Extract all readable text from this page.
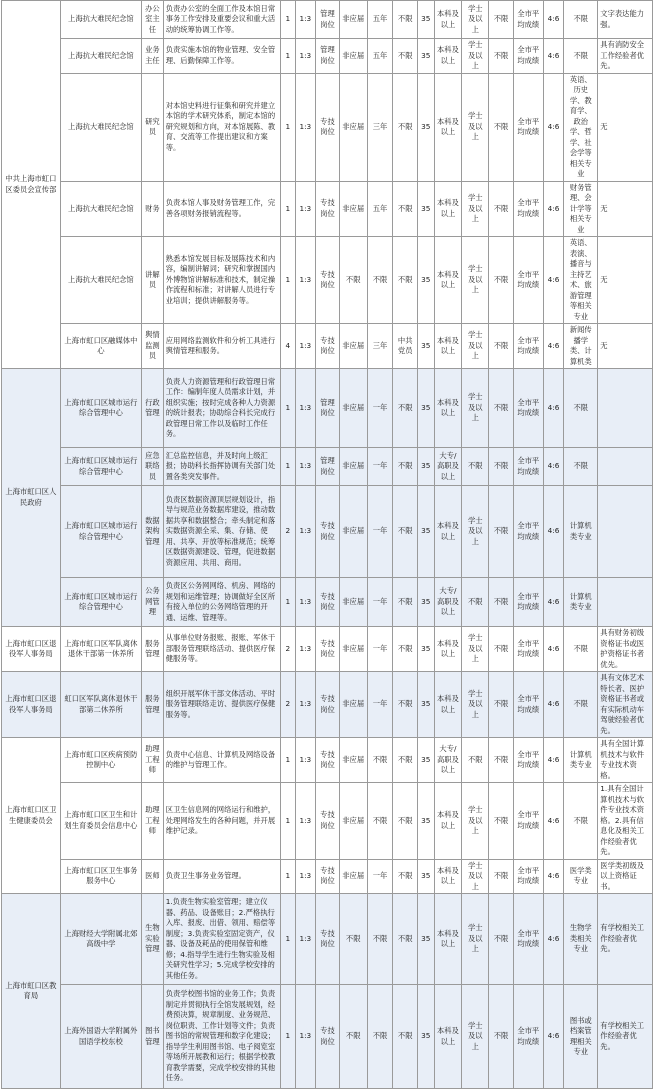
中共上海市虹口区委员会宣传部	上海抗大难民纪念馆	办公室主任	负责办公室的全面工作及本馆日常事务工作安排及重要会议和重大活动的统筹协调工作等。	1	1:3	管理岗位	非应届	五年	不限	35	本科及以上	学士及以上	不限	全市平均成绩	4:6	不限	文字表达能力强。
	上海抗大难民纪念馆	业务主任	负责实施本馆的物业管理、安全管理、后勤保障工作等。	1	1:3	管理岗位	非应届	五年	不限	35	本科及以上	学士及以上	不限	全市平均成绩	4:6	不限	具有消防安全工作经验者优先。
	上海抗大难民纪念馆	研究员	对本馆史料进行征集和研究并建立本馆的学术研究体系，制定本馆的研究规划和方向，对本馆展陈、教育、交流等工作提出建议和方案等。	1	1:3	专技岗位	非应届	三年	不限	35	本科及以上	学士及以上	不限	全市平均成绩	4:6	英语、历史学、教育学、政治学、哲学、社会学等相关专业	无
	上海抗大难民纪念馆	财务	负责本馆人事及财务管理工作，完善各项财务报销流程等。	1	1:3	专技岗位	非应届	五年	不限	35	本科及以上	学士及以上	不限	全市平均成绩	4:6	财务管理、会计学等相关专业	无
	上海抗大难民纪念馆	讲解员	熟悉本馆发展目标及展陈技术和内容，编制讲解词；研究和掌握国内外博物馆讲解标准和技术，制定操作流程和标准；对讲解人员进行专业培训；提供讲解服务等。	1	1:3	专技岗位	不限	不限	不限	35	本科及以上	学士及以上	不限	全市平均成绩	4:6	英语、表演、播音与主持艺术、旅游管理等相关专业	无
	上海市虹口区融媒体中心	舆情监测员	应用网络监测软件和分析工具进行舆情管理和服务。	4	1:3	专技岗位	非应届	三年	中共党员	35	本科及以上	学士及以上	不限	全市平均成绩	4:6	新闻传播学类、计算机类	无
上海市虹口区人民政府	上海市虹口区城市运行综合管理中心	行政管理	负责人力资源管理和行政管理日常工作：编制年度人员需求计划，并组织实施；按时完成各种人力资源的统计报表；协助综合科长完成行政管理日常工作以及临时工作任务。	1	1:3	管理岗位	非应届	一年	不限	35	本科及以上	学士及以上	不限	全市平均成绩	4:6	不限	
	上海市虹口区城市运行综合管理中心	应急联络员	汇总监控信息，并及时向上级汇报；协助科长指挥协调有关部门处置各类突发事件。	1	1:3	管理岗位	非应届	一年	不限	35	大专/高职及以上	不限	不限	全市平均成绩	4:6	不限	
	上海市虹口区城市运行综合管理中心	数据架构管理	负责区数据资源顶层规划设计，指导与规范业务数据库建设，推动数据共享和数据整合；牵头制定和落实数据资源全采、集、存储、使用、共享、开放等标准规范；统筹区数据资源建设、管理，促进数据资源应用、共用、商用。	2	1:3	专技岗位	非应届	一年	不限	35	本科及以上	学士及以上	不限	全市平均成绩	4:6	计算机类专业	
	上海市虹口区城市运行综合管理中心	公务网管理	负责区公务网网络、机房、网络的规划和运维管理；协调做好全区所有接入单位的公务网络管理的开通、运维、管理等。	1	1:3	专技岗位	非应届	一年	不限	35	大专/高职及以上	不限	不限	全市平均成绩	4:6	计算机类专业	
上海市虹口区退役军人事务局	上海市虹口区军队离休退休干部第一休养所	服务管理	从事单位财务报账、报账、军休干部服务管理联络活动、提供医疗保健服务等。	2	1:3	专技岗位	非应届	一年	不限	35	本科及以上	学士及以上	不限	全市平均成绩	4:6	不限	具有财务初级资格证书或医护资格证书者优先。
上海市虹口区退役军人事务局	虹口区军队离休退休干部第二休养所	服务管理	组织开展军休干部文体活动、平时服务管理联络走访、提供医疗保健服务等。	2	1:3	专技岗位	非应届	一年	不限	35	本科及以上	学士及以上	不限	全市平均成绩	4:6	不限	具有文体艺术特长者、医护资格证书者或有实际机动车驾驶经验者优先。
上海市虹口区卫生健康委员会	上海市虹口区疾病预防控制中心	助理工程师	负责中心信息、计算机及网络设备的维护与管理工作。	1	1:3	专技岗位	非应届	不限	不限	35	大专/高职及以上	不限	不限	全市平均成绩	4:6	计算机类专业	具有全国计算机技术与软件专业技术资格。
	上海市虹口区卫生和计划生育委员会信息中心	助理工程师	区卫生信息网的网络运行和维护，处理网络发生的各种问题，并开展维护记录。	1	1:3	专技岗位	非应届	不限	不限	35	本科及以上	学士及以上	不限	全市平均成绩	4:6	不限	1.具有全国计算机技术与软件专业技术资格。2.具有信息化及相关工作经验者优先。
	上海市虹口区卫生事务服务中心	医师	负责卫生事务业务管理。	1	1:3	专技岗位	非应届	一年	不限	35	本科及以上	学士及以上	不限	全市平均成绩	4:6	医学类专业	医学类初级及以上资格证书。
上海市虹口区教育局	上海财经大学附属北郊高级中学	生物实验管理	1.负责生物实验室管理；建立仪器、药品、设备账目；2.严格执行入库、报废、出借、领用、赔偿等制度；3.负责实验室固定资产，仪器、设备及耗品的使用保管和维修；4.指导学生进行生物实验及相关研究性学习；5.完成学校安排的其他任务。	1	1:3	专技岗位	不限	不限	不限	35	本科及以上	学士及以上	不限	全市平均成绩	4:6	生物学类相关专业	有学校相关工作经验者优先。
	上海外国语大学附属外国语学校东校	图书管理	负责学校图书馆的业务工作；负责制定并贯彻执行全馆发展规划，经费预决算，规章制度、业务规范、岗位职责、工作计划等文件；负责图书馆的常规管理和数字化建设；指导学生利用图书馆、电子阅览室等场所开展教和运行；根据学校教育教学需要，完成学校安排的其他任务。	1	1:3	专技岗位	不限	不限	不限	35	本科及以上	学士及以上	不限	全市平均成绩	4:6	图书或档案管理相关专业	有学校相关工作经验者优先。
